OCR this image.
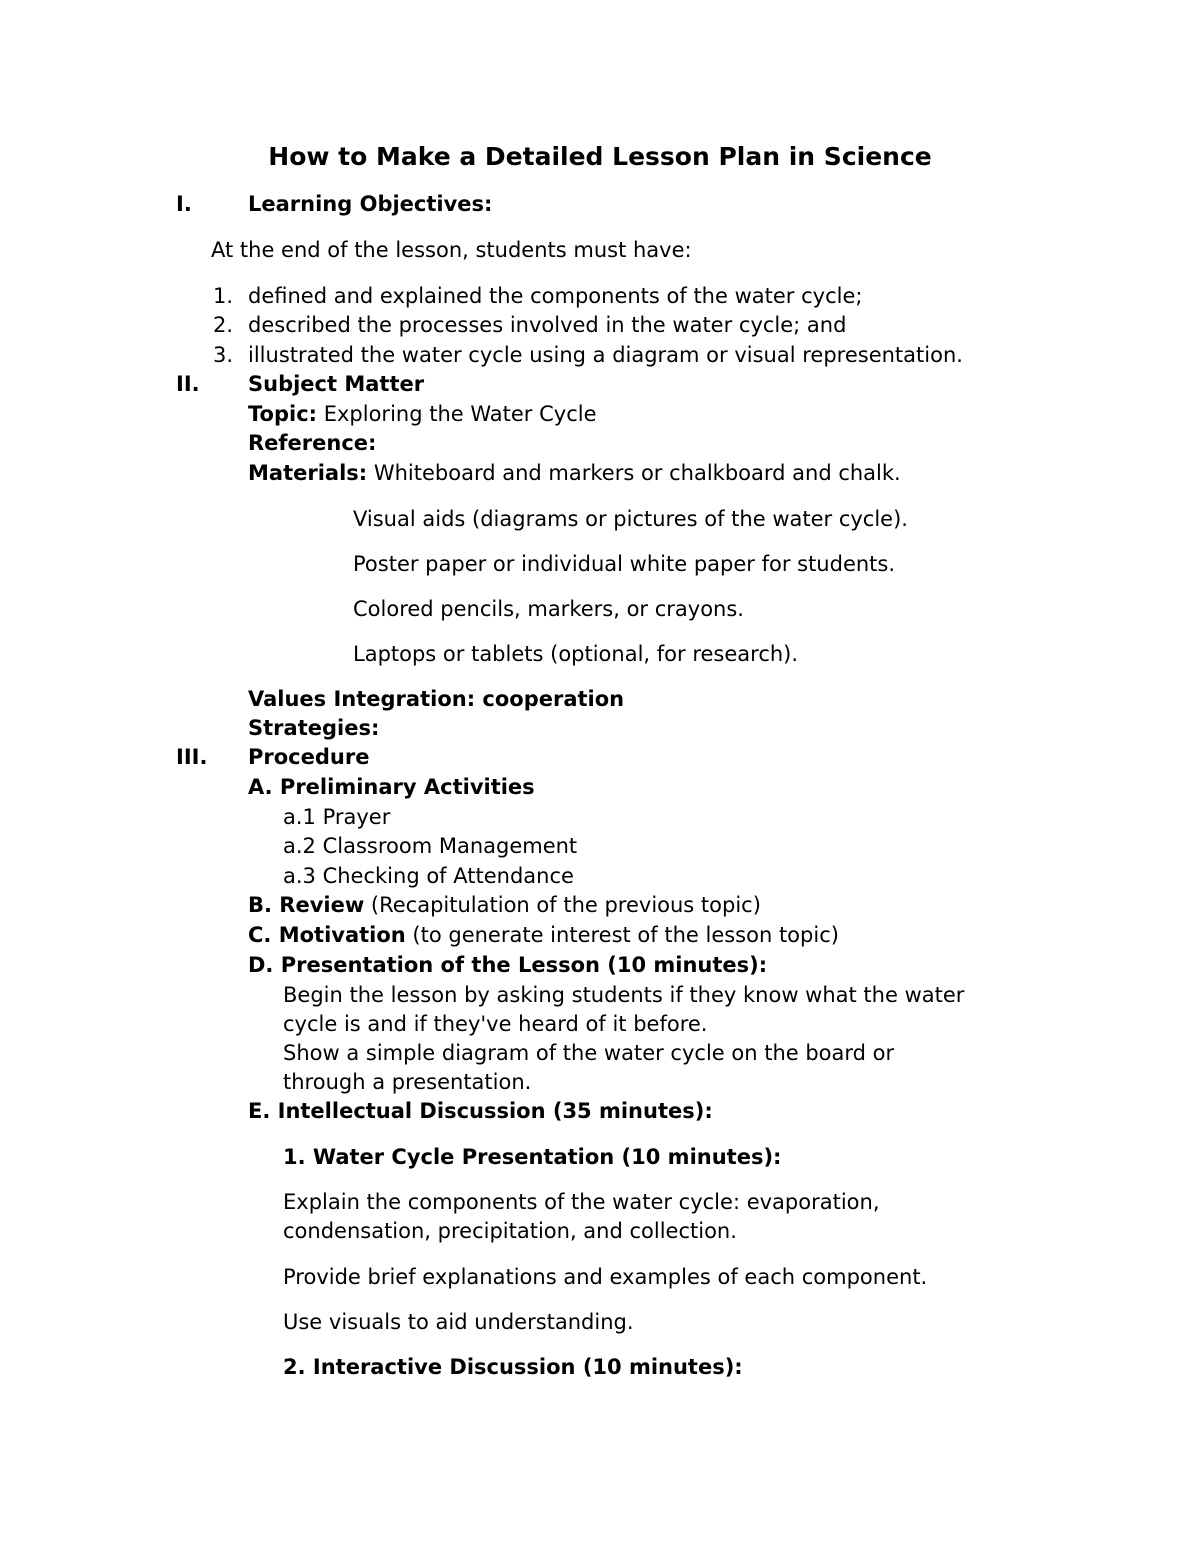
How to Make a Detailed Lesson Plan in Science
I.	Learning Objectives:
At the end of the lesson, students must have:
1. defined and explained the components of the water cycle;
2. described the processes involved in the water cycle; and
3. illustrated the water cycle using a diagram or visual representation.
II. Subject Matter
Topic: Exploring the Water Cycle
Reference:
Materials: Whiteboard and markers or chalkboard and chalk.
Visual aids (diagrams or pictures of the water cycle).
Poster paper or individual white paper for students.
Colored pencils, markers, or crayons.
Laptops or tablets (optional, for research).
Values Integration: cooperation
Strategies:
III. Procedure
A. Preliminary Activities
a.1 Prayer
a.2 Classroom Management
a.3 Checking of Attendance
B. Review (Recapitulation of the previous topic)
C. Motivation (to generate interest of the lesson topic)
D. Presentation of the Lesson (10 minutes):
Begin the lesson by asking students if they know what the water
cycle is and if they've heard of it before.
Show a simple diagram of the water cycle on the board or
through a presentation.
E. Intellectual Discussion (35 minutes):
1. Water Cycle Presentation (10 minutes):
Explain the components of the water cycle: evaporation,
condensation, precipitation, and collection.
Provide brief explanations and examples of each component.
Use visuals to aid understanding.
2. Interactive Discussion (10 minutes):
